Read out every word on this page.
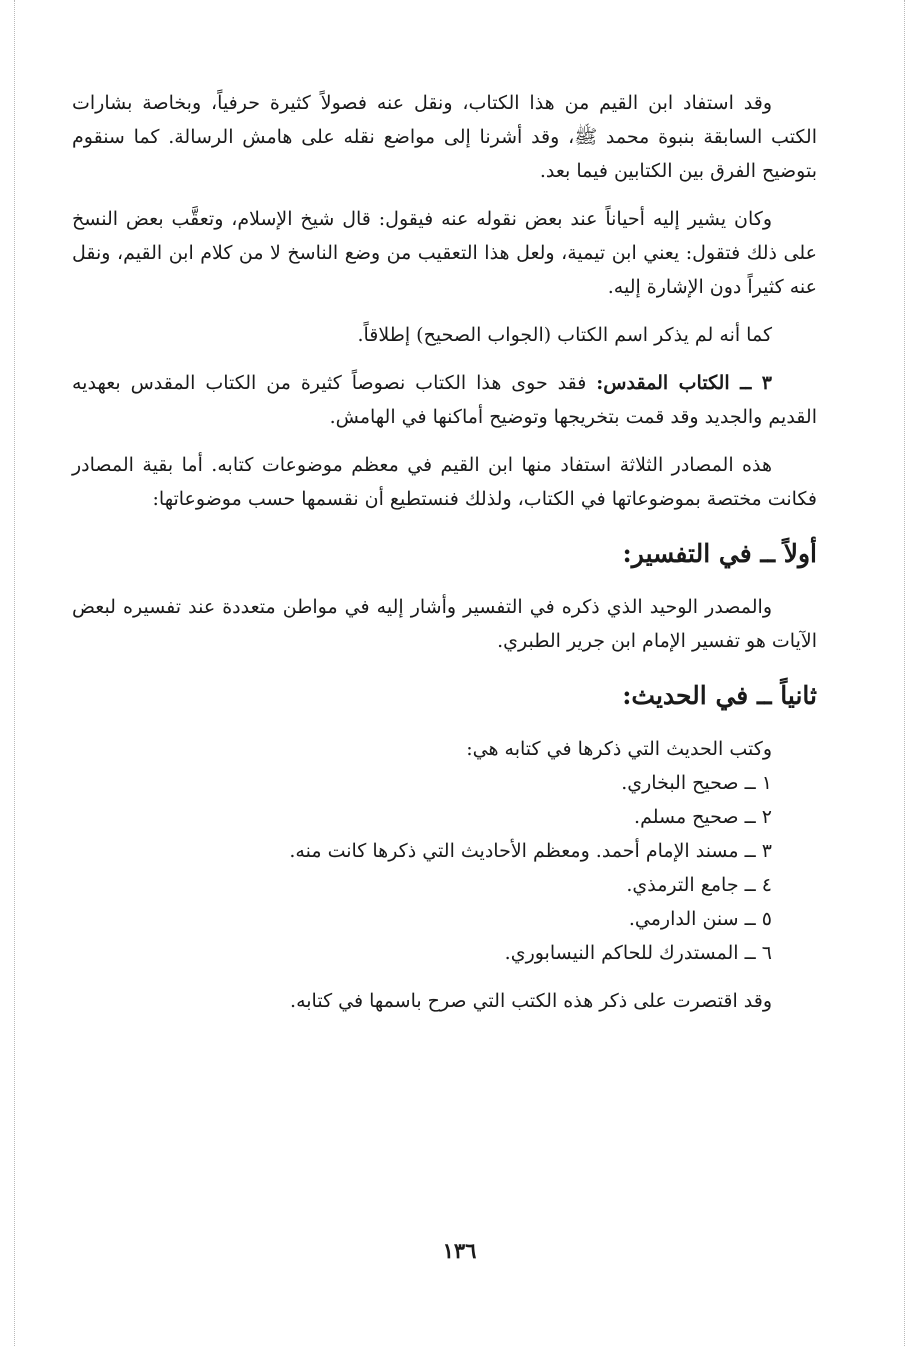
وقد استفاد ابن القيم من هذا الكتاب، ونقل عنه فصولاً كثيرة حرفياً، وبخاصة بشارات الكتب السابقة بنبوة محمد ﷺ، وقد أشرنا إلى مواضع نقله على هامش الرسالة. كما سنقوم بتوضيح الفرق بين الكتابين فيما بعد.

وكان يشير إليه أحياناً عند بعض نقوله عنه فيقول: قال شيخ الإسلام، وتعقَّب بعض النسخ على ذلك فتقول: يعني ابن تيمية، ولعل هذا التعقيب من وضع الناسخ لا من كلام ابن القيم، ونقل عنه كثيراً دون الإشارة إليه.

كما أنه لم يذكر اسم الكتاب (الجواب الصحيح) إطلاقاً.

٣ ــ الكتاب المقدس: فقد حوى هذا الكتاب نصوصاً كثيرة من الكتاب المقدس بعهديه القديم والجديد وقد قمت بتخريجها وتوضيح أماكنها في الهامش.

هذه المصادر الثلاثة استفاد منها ابن القيم في معظم موضوعات كتابه. أما بقية المصادر فكانت مختصة بموضوعاتها في الكتاب، ولذلك فنستطيع أن نقسمها حسب موضوعاتها:

أولاً ــ في التفسير:

والمصدر الوحيد الذي ذكره في التفسير وأشار إليه في مواطن متعددة عند تفسيره لبعض الآيات هو تفسير الإمام ابن جرير الطبري.

ثانياً ــ في الحديث:

وكتب الحديث التي ذكرها في كتابه هي:

١ ــ صحيح البخاري.
٢ ــ صحيح مسلم.
٣ ــ مسند الإمام أحمد. ومعظم الأحاديث التي ذكرها كانت منه.
٤ ــ جامع الترمذي.
٥ ــ سنن الدارمي.
٦ ــ المستدرك للحاكم النيسابوري.

وقد اقتصرت على ذكر هذه الكتب التي صرح باسمها في كتابه.

١٣٦
